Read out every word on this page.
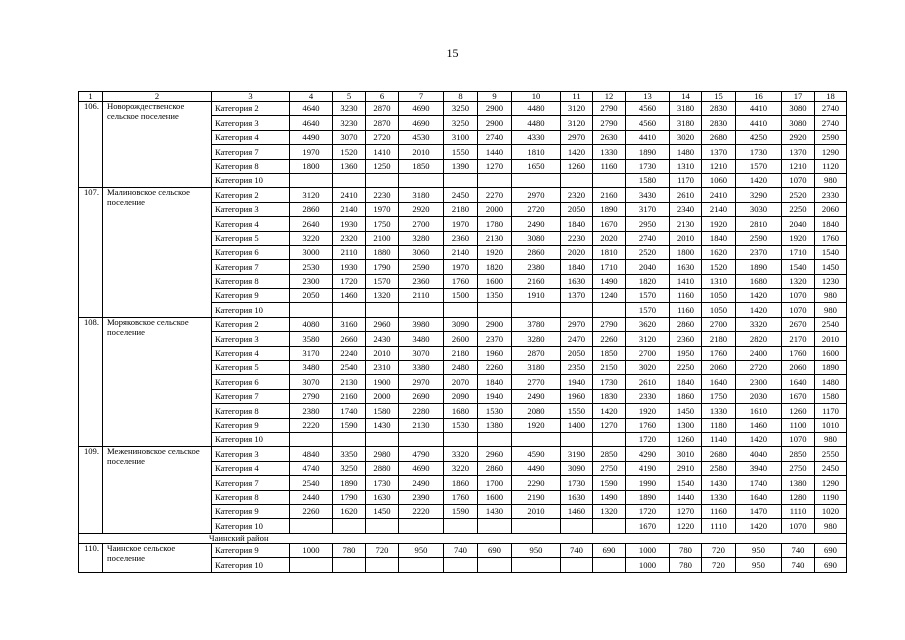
15
1	2	3	4	5	6	7	8	9	10	11	12	13	14	15	16	17	18
106.	Новорождественское сельское поселение	Категория 2	4640	3230	2870	4690	3250	2900	4480	3120	2790	4560	3180	2830	4410	3080	2740
		Категория 3	4640	3230	2870	4690	3250	2900	4480	3120	2790	4560	3180	2830	4410	3080	2740
		Категория 4	4490	3070	2720	4530	3100	2740	4330	2970	2630	4410	3020	2680	4250	2920	2590
		Категория 7	1970	1520	1410	2010	1550	1440	1810	1420	1330	1890	1480	1370	1730	1370	1290
		Категория 8	1800	1360	1250	1850	1390	1270	1650	1260	1160	1730	1310	1210	1570	1210	1120
		Категория 10										1580	1170	1060	1420	1070	980
107.	Малиновское сельское поселение	Категория 2	3120	2410	2230	3180	2450	2270	2970	2320	2160	3430	2610	2410	3290	2520	2330
		Категория 3	2860	2140	1970	2920	2180	2000	2720	2050	1890	3170	2340	2140	3030	2250	2060
		Категория 4	2640	1930	1750	2700	1970	1780	2490	1840	1670	2950	2130	1920	2810	2040	1840
		Категория 5	3220	2320	2100	3280	2360	2130	3080	2230	2020	2740	2010	1840	2590	1920	1760
		Категория 6	3000	2110	1880	3060	2140	1920	2860	2020	1810	2520	1800	1620	2370	1710	1540
		Категория 7	2530	1930	1790	2590	1970	1820	2380	1840	1710	2040	1630	1520	1890	1540	1450
		Категория 8	2300	1720	1570	2360	1760	1600	2160	1630	1490	1820	1410	1310	1680	1320	1230
		Категория 9	2050	1460	1320	2110	1500	1350	1910	1370	1240	1570	1160	1050	1420	1070	980
		Категория 10										1570	1160	1050	1420	1070	980
108.	Моряковское сельское поселение	Категория 2	4080	3160	2960	3980	3090	2900	3780	2970	2790	3620	2860	2700	3320	2670	2540
		Категория 3	3580	2660	2430	3480	2600	2370	3280	2470	2260	3120	2360	2180	2820	2170	2010
		Категория 4	3170	2240	2010	3070	2180	1960	2870	2050	1850	2700	1950	1760	2400	1760	1600
		Категория 5	3480	2540	2310	3380	2480	2260	3180	2350	2150	3020	2250	2060	2720	2060	1890
		Категория 6	3070	2130	1900	2970	2070	1840	2770	1940	1730	2610	1840	1640	2300	1640	1480
		Категория 7	2790	2160	2000	2690	2090	1940	2490	1960	1830	2330	1860	1750	2030	1670	1580
		Категория 8	2380	1740	1580	2280	1680	1530	2080	1550	1420	1920	1450	1330	1610	1260	1170
		Категория 9	2220	1590	1430	2130	1530	1380	1920	1400	1270	1760	1300	1180	1460	1100	1010
		Категория 10										1720	1260	1140	1420	1070	980
109.	Межениновское сельское поселение	Категория 3	4840	3350	2980	4790	3320	2960	4590	3190	2850	4290	3010	2680	4040	2850	2550
		Категория 4	4740	3250	2880	4690	3220	2860	4490	3090	2750	4190	2910	2580	3940	2750	2450
		Категория 7	2540	1890	1730	2490	1860	1700	2290	1730	1590	1990	1540	1430	1740	1380	1290
		Категория 8	2440	1790	1630	2390	1760	1600	2190	1630	1490	1890	1440	1330	1640	1280	1190
		Категория 9	2260	1620	1450	2220	1590	1430	2010	1460	1320	1720	1270	1160	1470	1110	1020
		Категория 10										1670	1220	1110	1420	1070	980
Чаинский район																	
110.	Чаинское сельское поселение	Категория 9	1000	780	720	950	740	690	950	740	690	1000	780	720	950	740	690
		Категория 10										1000	780	720	950	740	690
